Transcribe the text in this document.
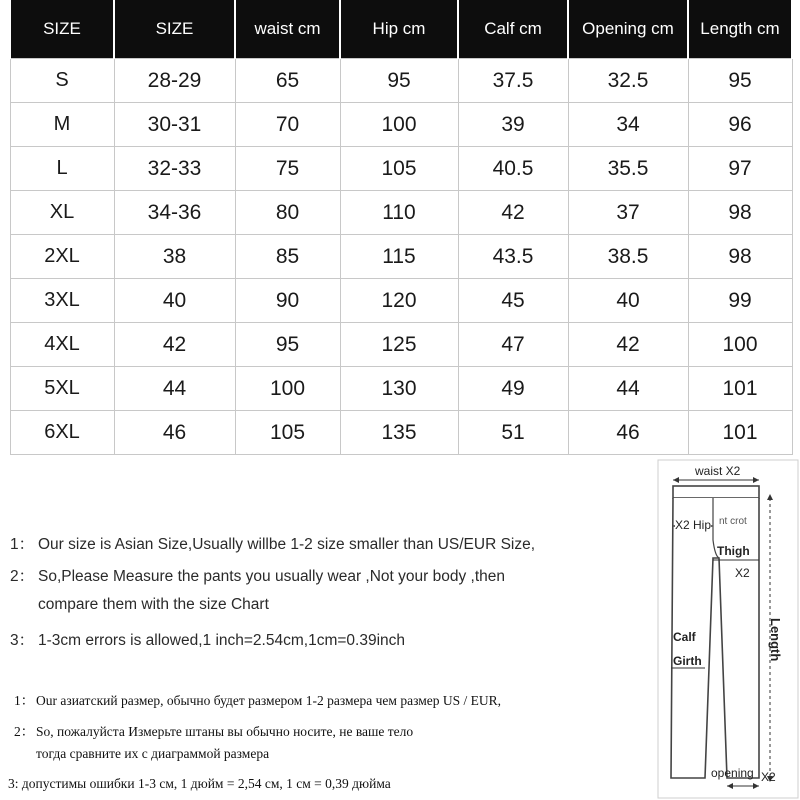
SIZE	SIZE	waist cm	Hip cm	Calf cm	Opening cm	Length cm
S	28-29	65	95	37.5	32.5	95
M	30-31	70	100	39	34	96
L	32-33	75	105	40.5	35.5	97
XL	34-36	80	110	42	37	98
2XL	38	85	115	43.5	38.5	98
3XL	40	90	120	45	40	99
4XL	42	95	125	47	42	100
5XL	44	100	130	49	44	101
6XL	46	105	135	51	46	101
1： Our size is Asian Size,Usually willbe 1-2 size smaller than US/EUR Size,
2： So,Please Measure the pants you usually wear ,Not your body ,then
compare them with the size Chart
3： 1-3cm errors is allowed,1 inch=2.54cm,1cm=0.39inch
1： Our азиатский размер, обычно будет размером 1-2 размера чем размер US / EUR,
2： So, пожалуйста Измерьте штаны вы обычно носите, не ваше тело
тогда сравните их с диаграммой размера
3: допустимы ошибки 1-3 см, 1 дюйм = 2,54 см, 1 см = 0,39 дюйма
waist X2
X2 Hip nt crot
Thigh
X2
Length
Calf
Girth
opening X2
